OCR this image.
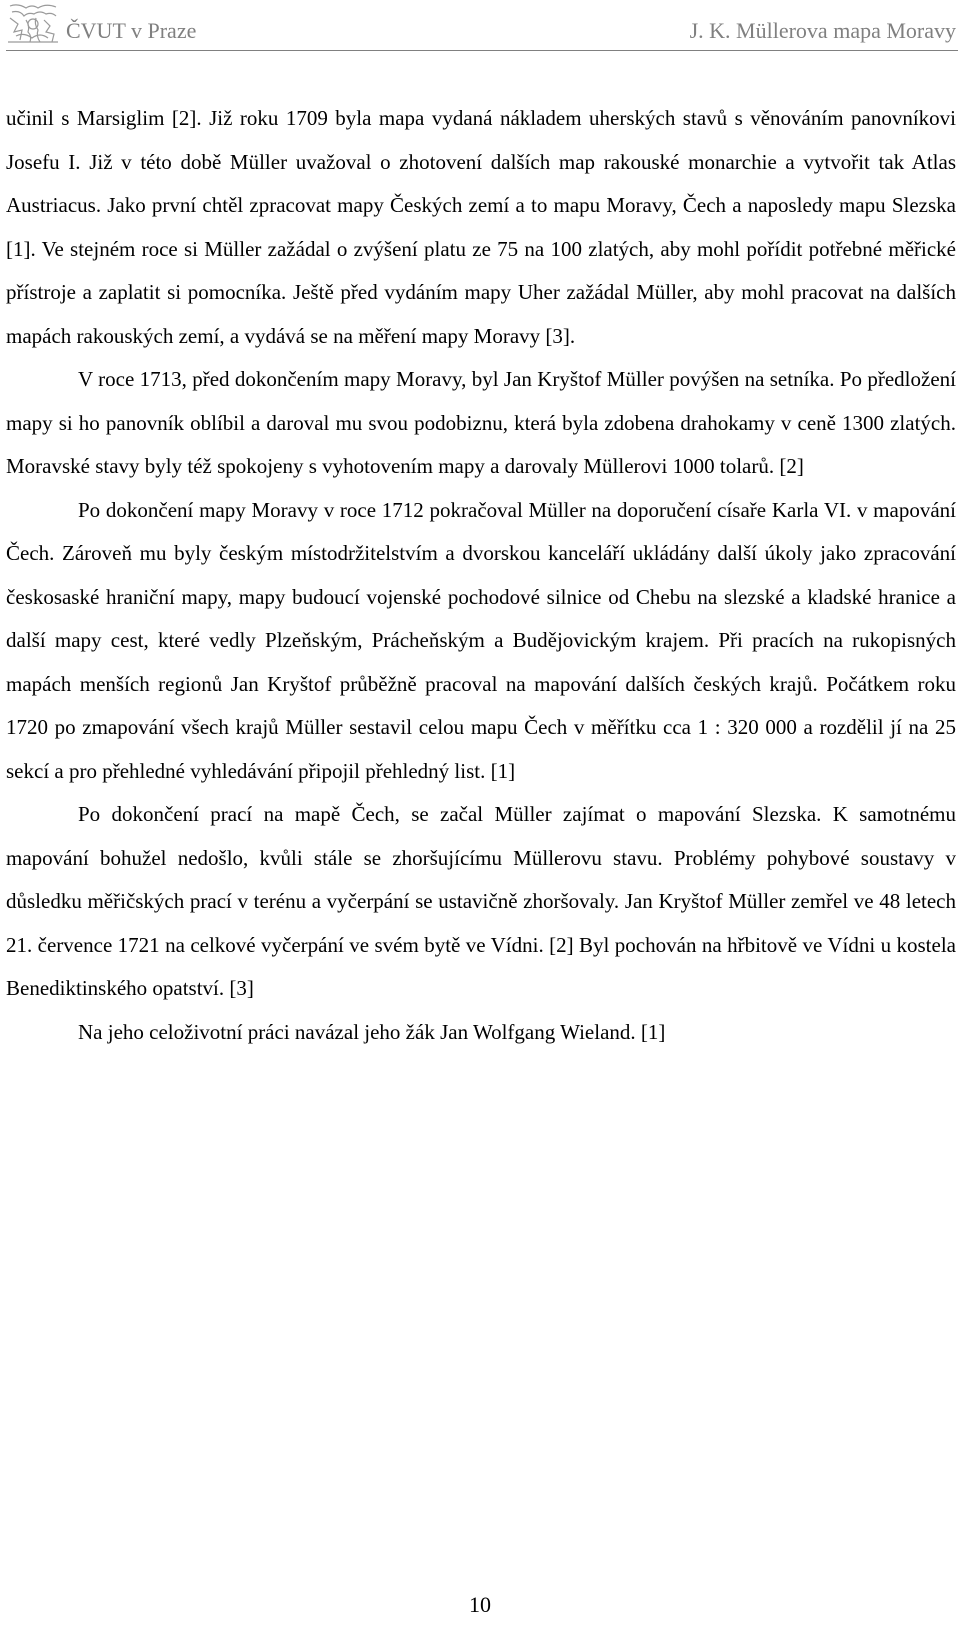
ČVUT v Praze	J. K. Müllerova mapa Moravy

učinil s Marsiglim [2]. Již roku 1709 byla mapa vydaná nákladem uherských stavů s věnováním panovníkovi Josefu I. Již v této době Müller uvažoval o zhotovení dalších map rakouské monarchie a vytvořit tak Atlas Austriacus. Jako první chtěl zpracovat mapy Českých zemí a to mapu Moravy, Čech a naposledy mapu Slezska [1]. Ve stejném roce si Müller zažádal o zvýšení platu ze 75 na 100 zlatých, aby mohl pořídit potřebné měřické přístroje a zaplatit si pomocníka. Ještě před vydáním mapy Uher zažádal Müller, aby mohl pracovat na dalších mapách rakouských zemí, a vydává se na měření mapy Moravy [3].

V roce 1713, před dokončením mapy Moravy, byl Jan Kryštof Müller povýšen na setníka. Po předložení mapy si ho panovník oblíbil a daroval mu svou podobiznu, která byla zdobena drahokamy v ceně 1300 zlatých. Moravské stavy byly též spokojeny s vyhotovením mapy a darovaly Müllerovi 1000 tolarů. [2]

Po dokončení mapy Moravy v roce 1712 pokračoval Müller na doporučení císaře Karla VI. v mapování Čech. Zároveň mu byly českým místodržitelstvím a dvorskou kanceláří ukládány další úkoly jako zpracování českosaské hraniční mapy, mapy budoucí vojenské pochodové silnice od Chebu na slezské a kladské hranice a další mapy cest, které vedly Plzeňským, Prácheňským a Budějovickým krajem. Při pracích na rukopisných mapách menších regionů Jan Kryštof průběžně pracoval na mapování dalších českých krajů. Počátkem roku 1720 po zmapování všech krajů Müller sestavil celou mapu Čech v měřítku cca 1 : 320 000 a rozdělil jí na 25 sekcí a pro přehledné vyhledávání připojil přehledný list. [1]

Po dokončení prací na mapě Čech, se začal Müller zajímat o mapování Slezska. K samotnému mapování bohužel nedošlo, kvůli stále se zhoršujícímu Müllerovu stavu. Problémy pohybové soustavy v důsledku měřičských prací v terénu a vyčerpání se ustavičně zhoršovaly. Jan Kryštof Müller zemřel ve 48 letech 21. července 1721 na celkové vyčerpání ve svém bytě ve Vídni. [2] Byl pochován na hřbitově ve Vídni u kostela Benediktinského opatství. [3]

Na jeho celoživotní práci navázal jeho žák Jan Wolfgang Wieland. [1]

10
